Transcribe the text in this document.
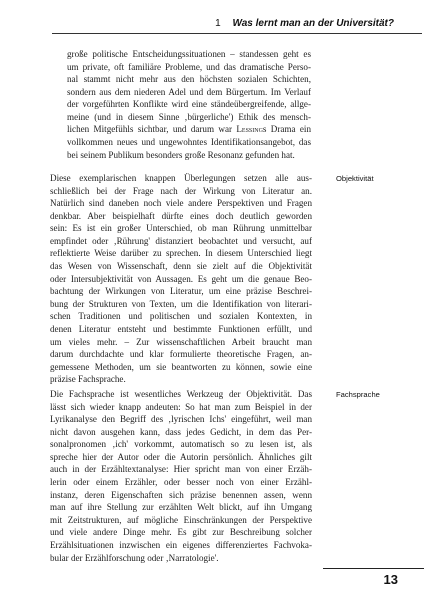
1 Was lernt man an der Universität?
große politische Entscheidungssituationen – standessen geht es
um private, oft familiäre Probleme, und das dramatische Perso-
nal stammt nicht mehr aus den höchsten sozialen Schichten,
sondern aus dem niederen Adel und dem Bürgertum. Im Verlauf
der vorgeführten Konflikte wird eine ständeübergreifende, allge-
meine (und in diesem Sinne ‚bürgerliche') Ethik des mensch-
lichen Mitgefühls sichtbar, und darum war Lessings Drama ein
vollkommen neues und ungewohntes Identifikationsangebot, das
bei seinem Publikum besonders große Resonanz gefunden hat.
Diese exemplarischen knappen Überlegungen setzen alle aus-
schließlich bei der Frage nach der Wirkung von Literatur an.
Natürlich sind daneben noch viele andere Perspektiven und Fragen
denkbar. Aber beispielhaft dürfte eines doch deutlich geworden
sein: Es ist ein großer Unterschied, ob man Rührung unmittelbar
empfindet oder ‚Rührung' distanziert beobachtet und versucht, auf
reflektierte Weise darüber zu sprechen. In diesem Unterschied liegt
das Wesen von Wissenschaft, denn sie zielt auf die Objektivität
oder Intersubjektivität von Aussagen. Es geht um die genaue Beo-
bachtung der Wirkungen von Literatur, um eine präzise Beschrei-
bung der Strukturen von Texten, um die Identifikation von literari-
schen Traditionen und politischen und sozialen Kontexten, in
denen Literatur entsteht und bestimmte Funktionen erfüllt, und
um vieles mehr. – Zur wissenschaftlichen Arbeit braucht man
darum durchdachte und klar formulierte theoretische Fragen, an-
gemessene Methoden, um sie beantworten zu können, sowie eine
präzise Fachsprache.
Objektivität
Die Fachsprache ist wesentliches Werkzeug der Objektivität. Das
lässt sich wieder knapp andeuten: So hat man zum Beispiel in der
Lyrikanalyse den Begriff des ‚lyrischen Ichs' eingeführt, weil man
nicht davon ausgehen kann, dass jedes Gedicht, in dem das Per-
sonalpronomen ‚ich' vorkommt, automatisch so zu lesen ist, als
spreche hier der Autor oder die Autorin persönlich. Ähnliches gilt
auch in der Erzähltextanalyse: Hier spricht man von einer Erzäh-
lerin oder einem Erzähler, oder besser noch von einer Erzähl-
instanz, deren Eigenschaften sich präzise benennen assen, wenn
man auf ihre Stellung zur erzählten Welt blickt, auf ihn Umgang
mit Zeitstrukturen, auf mögliche Einschränkungen der Perspektive
und viele andere Dinge mehr. Es gibt zur Beschreibung solcher
Erzählsituationen inzwischen ein eigenes differenziertes Fachvoka-
bular der Erzählforschung oder ‚Narratologie'.
Fachsprache
13
